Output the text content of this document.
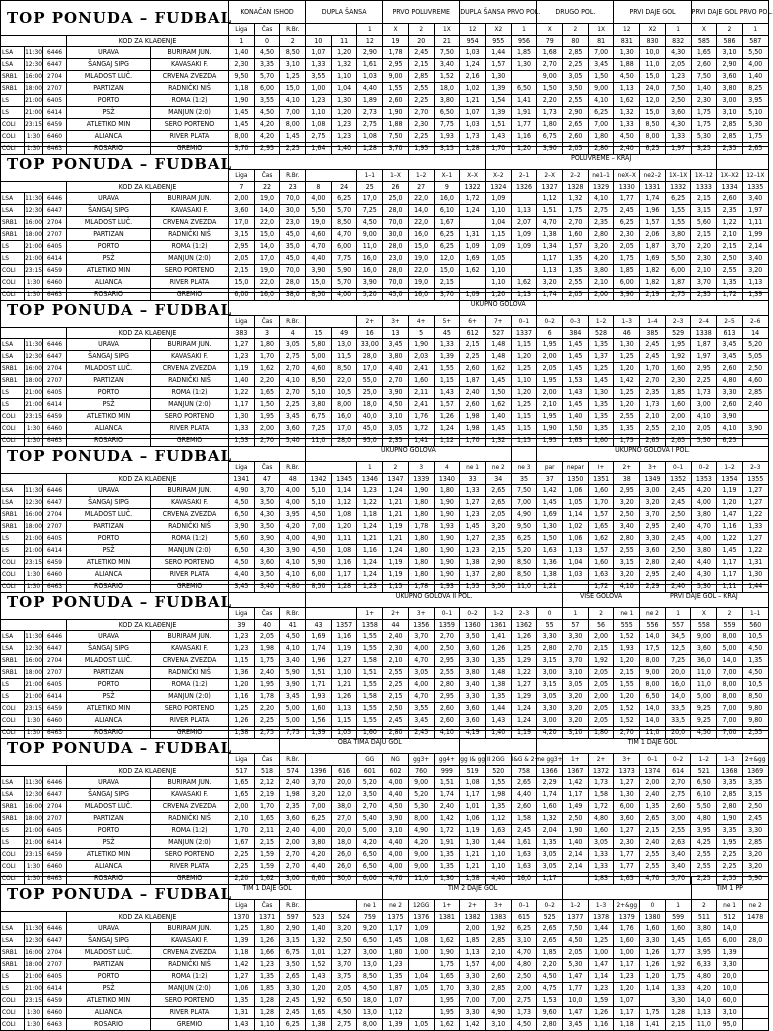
TOP PONUDA – FUDBAL					KONAČAN ISHOD			DUPLA ŠANSA			PRVO POLUVREME			DUPLA ŠANSA PRVO POL.			DRUGO POL.			PRVI DAJE GOL			PRVI DAJE GOL PRVO POL.			
					Liga	Čas	R.Br.			1	X	2	1X	12	X2	1	X	2	1X	12	X2	1	X	2	1					
			KOD ZA KLAĐENJE		1	0	2	10	11	12	19	20	21	954	955	956	79	80	81	831	830	832	585	586	587	
LSA	11:30	6446	URAVA	BURIRAM JUN.	1,40	4,50	8,50	1,07	1,20	2,90	1,78	2,45	7,50	1,03	1,44	1,85	1,68	2,85	7,00	1,30	10,0	4,30	1,65	3,10	5,50	
LSA	12:30	6447	ŠANGAJ SIPG	KAVASAKI F.	2,30	3,35	3,10	1,33	1,32	1,61	2,95	2,15	3,40	1,24	1,57	1,30	2,70	2,25	3,45	1,88	11,0	2,05	2,60	2,90	4,00	
SRB1	16:00	2704	MLADOST LUČ.	CRVENA ZVEZDA	9,50	5,70	1,25	3,55	1,10	1,03	9,00	2,85	1,52	2,16	1,30		9,00	3,05	1,50	4,50	15,0	1,23	7,50	3,60	1,40	
SRB1	18:00	2707	PARTIZAN	RADNIČKI NIŠ	1,18	6,00	15,0	1,00	1,04	4,40	1,55	2,55	18,0	1,02	1,39	6,50	1,50	3,50	9,00	1,13	24,0	7,50	1,40	3,80	8,25	
LS	21:00	6405	PORTO	ROMA (1:2)	1,90	3,55	4,10	1,23	1,30	1,89	2,60	2,25	3,80	1,21	1,54	1,41	2,20	2,55	4,10	1,62	12,0	2,50	2,30	3,00	3,95	
LS	21:00	6414	PSŽ	MANJUN (2:0)	1,45	4,50	7,00	1,10	1,20	2,73	1,90	2,70	6,50	1,07	1,39	1,91	1,73	2,90	6,25	1,32	15,0	3,60	1,75	3,10	5,10	
COLI	23:15	6459	ATLETIKO MIN	SERO PORTENO	1,45	4,20	8,00	1,08	1,23	2,75	1,88	2,30	7,75	1,03	1,51	1,77	1,80	2,65	7,00	1,33	8,50	4,30	1,75	2,85	5,30	
COLI	1:30	6460	ALIANCA	RIVER PLATA	8,00	4,20	1,45	2,75	1,23	1,08	7,50	2,25	1,93	1,73	1,43	1,16	6,75	2,60	1,80	4,50	8,00	1,33	5,30	2,85	1,75	
COLI	1:30	6463	ROSARIO	GREMIO	3,70	2,95	2,25	1,64	1,40	1,28	3,70	1,95	3,15	1,28	1,70	1,20	3,90	2,05	2,80	2,40	6,25	1,97	3,25	2,35	2,65	
TOP PONUDA – FUDBAL															POLUVREME – KRAJ											
					Liga	Čas	R.Br.			1–1	1–X	1–2	X–1	X–X	X–2	2–1	2–X	2–2	ne1–1	neX–X	ne2–2	1X–1X	1X–12	1X–X2	12–1X					
			KOD ZA KLAĐENJE		7	22	23	8	24	25	26	27	9	1322	1324	1326	1327	1328	1329	1330	1331	1332	1333	1334	1335	
LSA	11:30	6446	URAVA	BURIRAM JUN.	2,00	19,0	70,0	4,00	6,25	17,0	25,0	22,0	16,0	1,72	1,09		1,12	1,32	4,10	1,77	1,74	6,25	2,15	2,60	3,40	
LSA	12:30	6447	ŠANGAJ SIPG	KAVASAKI F.	3,60	14,0	30,0	5,50	5,70	7,25	28,0	14,0	6,10	1,24	1,10	1,13	1,51	1,75	2,75	2,45	1,96	1,55	3,15	2,35	1,97	
SRB1	16:00	2704	MLADOST LUČ.	CRVENA ZVEZDA	17,0	22,0	23,0	19,0	8,50	4,50	70,0	22,0	1,67		1,04	2,07	4,70	2,70	2,35	6,25	1,57	1,55	5,60	1,22	1,11	
SRB1	18:00	2707	PARTIZAN	RADNIČKI NIŠ	3,15	15,0	45,0	4,60	4,70	9,00	30,0	16,0	6,25	1,31	1,15	1,09	1,38	1,60	2,80	2,30	2,06	3,80	2,15	2,10	1,99	
LS	21:00	6405	PORTO	ROMA (1:2)	2,95	14,0	35,0	4,70	6,00	11,0	28,0	15,0	6,25	1,09	1,09	1,09	1,34	1,57	3,20	2,05	1,87	3,70	2,20	2,15	2,14	
LS	21:00	6414	PSŽ	MANJUN (2:0)	2,05	17,0	45,0	4,40	7,75	16,0	23,0	19,0	12,0	1,69	1,05		1,17	1,35	4,20	1,75	1,69	5,50	2,30	2,50	3,40	
COLI	23:15	6459	ATLETIKO MIN	SERO PORTENO	2,15	19,0	70,0	3,90	5,90	16,0	28,0	22,0	15,0	1,62	1,10		1,13	1,35	3,80	1,85	1,82	6,00	2,10	2,55	3,20	
COLI	1:30	6460	ALIANCA	RIVER PLATA	15,0	22,0	28,0	15,0	5,70	3,90	70,0	19,0	2,15		1,10	1,62	3,20	2,55	2,10	6,00	1,82	1,87	3,70	1,35	1,13	
COLI	1:30	6463	ROSARIO	GREMIO	6,00	16,0	38,0	8,50	4,00	5,20	45,0	16,0	3,70	1,09	1,20	1,13	1,74	2,05	2,00	3,90	2,19	2,75	2,35	1,72	1,39	
TOP PONUDA – FUDBAL														UKUPNO GOLOVA												
					Liga	Čas	R.Br.			2+	3+	4+	5+	6+	7+	0–1	0–2	0–3	1–2	1–3	1–4	2–3	2–4	2–5	2–6					
			KOD ZA KLAĐENJE		383	3	4	15	49	16	13	5	45	612	527	1337	6	384	528	46	385	529	1338	613	14	
LSA	11:30	6446	URAVA	BURIRAM JUN.	1,27	1,80	3,05	5,80	13,0	33,00	3,45	1,90	1,33	2,15	1,48	1,15	1,95	1,45	1,35	1,30	2,45	1,95	1,87	3,45	5,20	
LSA	12:30	6447	ŠANGAJ SIPG	KAVASAKI F.	1,23	1,70	2,75	5,00	11,5	28,0	3,80	2,03	1,39	2,25	1,48	1,20	2,00	1,45	1,37	1,25	2,45	1,92	1,97	3,45	5,05	
SRB1	16:00	2704	MLADOST LUČ.	CRVENA ZVEZDA	1,19	1,62	2,70	4,60	8,50	17,0	4,40	2,41	1,55	2,60	1,62	1,25	2,05	1,45	1,25	1,20	1,70	1,60	2,95	2,60	2,50	
SRB1	18:00	2707	PARTIZAN	RADNIČKI NIŠ	1,40	2,20	4,10	8,50	22,0	55,0	2,70	1,60	1,15	1,87	1,45	1,10	1,95	1,53	1,45	1,42	2,70	2,30	2,25	4,80	4,60	
LS	21:00	6405	PORTO	ROMA (1:2)	1,22	1,65	2,70	5,10	10,5	25,0	3,90	2,11	1,43	2,40	1,50	1,20	2,00	1,43	1,30	1,25	2,35	1,85	1,73	3,30	2,85	
LS	21:00	6414	PSŽ	MANJUN (2:0)	1,17	1,50	2,25	3,80	8,00	18,0	4,50	2,41	1,57	2,60	1,62	1,25	2,10	1,45	1,35	1,20	1,73	1,60	3,00	2,60	2,40	
COLI	23:15	6459	ATLETIKO MIN	SERO PORTENO	1,30	1,95	3,45	6,75	16,0	40,0	3,10	1,76	1,26	1,98	1,40	1,15	1,95	1,40	1,35	2,55	2,10	2,00	4,10	3,90		
COLI	1:30	6460	ALIANCA	RIVER PLATA	1,33	2,00	3,60	7,25	17,0	45,0	3,05	1,72	1,24	1,98	1,45	1,15	1,90	1,50	1,35	1,35	2,55	2,10	2,05	4,10	3,90	
COLI	1:30	6463	ROSARIO	GREMIO	1,53	2,70	5,40	11,0	28,0	95,0	2,35	1,41	1,12	1,70	1,32	1,15	1,95	1,63	1,60	1,75	2,65	2,65	5,50	6,25		
TOP PONUDA – FUDBAL								UKUPNO GOLOVA									UKUPNO GOLOVA I POL.									
					Liga	Čas	R.Br.			1	2	3	4	ne 1	ne 2	ne 3	par	nepar	I+	2+	3+	0–1	0–2	1–2	2–3					
			KOD ZA KLAĐENJE		1341	47	48	1342	1345	1346	1347	1339	1340	33	34	35	37	1350	1351	38	1349	1352	1353	1354	1355	
LSA	11:30	6446	URAVA	BURIRAM JUN.	4,90	3,70	4,00	5,10	1,14	1,23	1,24	1,90	1,80	1,33	2,65	7,50	1,42	1,06	1,60	2,95	3,00	2,45	4,20	1,19	1,27	
LSA	12:30	6447	ŠANGAJ SIPG	KAVASAKI F.	4,50	3,50	4,00	5,10	1,12	1,22	1,21	1,80	1,90	1,27	2,65	7,00	1,45	1,05	1,70	3,20	3,20	2,45	4,00	1,20	1,27	
SRB1	16:00	2704	MLADOST LUČ.	CRVENA ZVEZDA	6,50	4,30	3,95	4,50	1,08	1,18	1,21	1,80	1,90	1,23	2,05	4,90	1,69	1,14	1,57	2,50	3,70	2,50	3,80	1,47	1,22	
SRB1	18:00	2707	PARTIZAN	RADNIČKI NIŠ	3,90	3,50	4,20	7,00	1,20	1,24	1,19	1,78	1,93	1,45	3,20	9,50	1,30	1,02	1,65	3,40	2,95	2,40	4,70	1,16	1,33	
LS	21:00	6405	PORTO	ROMA (1:2)	5,60	3,90	4,00	4,90	1,11	1,21	1,21	1,80	1,90	1,27	2,35	6,25	1,50	1,06	1,62	2,80	3,30	2,45	4,00	1,22	1,27	
LS	21:00	6414	PSŽ	MANJUN (2:0)	6,50	4,30	3,90	4,50	1,08	1,16	1,24	1,80	1,90	1,23	2,15	5,20	1,63	1,13	1,57	2,55	3,60	2,50	3,80	1,45	1,22	
COLI	23:15	6459	ATLETIKO MIN	SERO PORTENO	4,50	3,60	4,10	5,90	1,16	1,24	1,19	1,80	1,90	1,38	2,90	8,50	1,36	1,04	1,60	3,15	2,80	2,40	4,40	1,17	1,31	
COLI	1:30	6460	ALIANCA	RIVER PLATA	4,40	3,50	4,10	6,00	1,17	1,24	1,19	1,80	1,90	1,37	2,80	8,50	1,38	1,03	1,63	3,20	2,95	2,40	4,30	1,17	1,30	
COLI	1:30	6463	ROSARIO	GREMIO	3,45	3,40	4,80	8,50	1,28	1,23	1,15	1,78	1,93	1,55	3,50	11,0	1,21		1,72	4,10	2,29	2,40	5,30	1,11	1,44	
TOP PONUDA – FUDBAL								UKUPNO GOLOVA II POL.										VIŠE GOLOVA			PRVI DAJE GOL – KRAJ					
					Liga	Čas	R.Br.			1+	2+	3+	0–1	0–2	1–2	2–3	0	1	2	ne 1	ne 2	1	X	2	1–1					
			KOD ZA KLAĐENJE		39	40	41	43	1357	1358	44	1356	1359	1360	1361	1362	55	57	56	555	556	557	558	559	560	
LSA	11:30	6446	URAVA	BURIRAM JUN.	1,23	2,05	4,50	1,69	1,16	1,55	2,40	3,70	2,70	3,50	1,41	1,26	3,30	3,30	2,00	1,52	14,0	34,5	9,00	8,00	10,5	
LSA	12:30	6447	ŠANGAJ SIPG	KAVASAKI F.	1,23	1,98	4,10	1,74	1,19	1,55	2,30	4,00	2,50	3,60	1,26	1,25	2,80	2,70	2,15	1,93	17,5	12,5	3,60	5,00	4,50	
SRB1	16:00	2704	MLADOST LUČ.	CRVENA ZVEZDA	1,15	1,75	3,40	1,96	1,27	1,58	2,10	4,70	2,95	3,30	1,35	1,29	3,15	3,70	1,92	1,20	8,00	7,25	36,0	14,0	1,35	
SRB1	18:00	2707	PARTIZAN	RADNIČKI NIŠ	1,36	2,40	5,90	1,51	1,10	1,51	2,55	3,05	2,55	3,80	1,48	1,22	3,00	3,10	2,05	2,15	9,00	20,0	11,0	7,00	4,50	
LS	21:00	6405	PORTO	ROMA (1:2)	1,20	1,95	3,90	1,71	1,21	1,55	2,25	4,00	2,80	3,40	1,38	1,27	3,15	3,05	2,05	1,55	8,00	16,0	11,0	8,00	10,5	
LS	21:00	6414	PSŽ	MANJUN (2:0)	1,16	1,78	3,45	1,93	1,26	1,58	2,15	4,70	2,95	3,30	1,35	1,29	3,05	3,20	2,00	1,20	6,50	14,0	5,00	8,00	8,50	
COLI	23:15	6459	ATLETIKO MIN	SERO PORTENO	1,25	2,20	5,00	1,60	1,13	1,55	2,50	3,55	2,60	3,60	1,44	1,24	3,30	3,20	2,05	1,52	14,0	33,5	9,25	7,00	9,80	
COLI	1:30	6460	ALIANCA	RIVER PLATA	1,26	2,25	5,00	1,56	1,15	1,55	2,45	3,45	2,60	3,60	1,43	1,24	3,00	3,20	2,05	1,52	14,0	33,5	9,25	7,00	9,80	
COLI	1:30	6463	ROSARIO	GREMIO	1,38	2,75	7,75	1,39	1,05	1,60	2,80	2,45	4,10	4,19	1,40	1,19	4,20	3,10	1,80	2,70	11,0	20,0	4,50	7,00	2,55	
TOP PONUDA – FUDBAL							OBA TIMA DAJU GOL										TIM 1 DAJE GOL									
					Liga	Čas	R.Br.			GG	NG	gg3+	gg4+	gg I& gg II	2GG	I&G & 2+	ne gg3+	1+	2+	3+	0–1	0–2	1–2	1–3	2+&gg					
			KOD ZA KLAĐENJE		517	518	574	1396	616	601	602	760	999	519	520	758	1366	1367	1372	1373	1374	614	521	1368	1369	
LSA	11:30	6446	URAVA	BURIRAM JUN.	1,65	2,12	2,40	3,70	20,0	5,20	4,00	9,00	1,51	1,08	1,55	2,65	2,29	1,42	1,73	1,27	2,00	2,70	6,50	3,35	3,35	
LSA	12:30	6447	ŠANGAJ SIPG	KAVASAKI F.	1,65	2,19	1,98	3,20	12,0	3,50	4,40	5,20	1,74	1,17	1,98	4,40	1,74	1,17	1,58	1,30	2,40	2,75	6,10	2,85	3,15	
SRB1	16:00	2704	MLADOST LUČ.	CRVENA ZVEZDA	2,00	1,70	2,35	7,00	38,0	2,70	4,50	5,30	2,40	1,01	1,35	2,60	1,60	1,49	1,72	6,00	1,35	2,60	5,50	2,80	2,50	
SRB1	18:00	2707	PARTIZAN	RADNIČKI NIŠ	2,10	1,65	3,60	6,25	27,0	5,40	3,90	8,00	1,42	1,06	1,12	1,58	1,32	2,50	4,80	3,60	2,65	3,00	4,80	1,90	2,45	
LS	21:00	6405	PORTO	ROMA (1:2)	1,70	2,11	2,40	4,00	20,0	5,00	3,10	4,90	1,72	1,19	1,63	2,45	2,04	1,90	1,60	1,27	2,15	2,55	3,95	3,35	3,30	
LS	21:00	6414	PSŽ	MANJUN (2:0)	1,67	2,15	2,00	3,80	18,0	4,20	4,40	4,20	1,91	1,30	1,44	1,61	1,35	1,40	3,05	2,30	2,40	2,63	4,25	1,95	2,85	
COLI	23:15	6459	ATLETIKO MIN	SERO PORTENO	2,25	1,59	2,70	4,20	26,0	6,50	4,00	9,00	1,35	1,21	1,10	1,63	3,05	2,14	1,33	1,77	2,55	3,40	2,55	2,25	3,20	
COLI	1:30	6460	ALIANCA	RIVER PLATA	2,25	1,59	2,70	4,40	26,0	6,50	4,00	9,00	1,35	1,21	1,10	1,63	3,05	2,14	1,33	1,77	2,55	3,40	2,55	2,25	3,20	
COLI	1:30	6463	ROSARIO	GREMIO	2,20	1,62	3,00	6,60	30,0	6,00	4,70	11,0	1,30	1,58	4,40	16,0	1,17		1,83	1,65	4,70	5,70	2,25	2,55	5,90	
TOP PONUDA – FUDBAL					TIM 1 DAJE GOL						TIM 2 DAJE GOL												TIM 1 PP			
					Liga	Čas	R.Br.			ne 1	ne 2	12GG	1+	2+	3+	0–1	0–2	1–2	1–3	2+&gg	0	1	2	ne 1	ne 2					
			KOD ZA KLAĐENJE		1370	1371	597	523	524	759	1375	1376	1381	1382	1383	615	525	1377	1378	1379	1380	599	511	512	1478	
LSA	11:30	6446	URAVA	BURIRAM JUN.	1,25	1,80	2,90	1,40	3,20	9,20	1,17	1,09		2,00	1,92	6,25	2,65	7,50	1,44	1,76	1,60	1,60	3,80	14,0		
LSA	12:30	6447	ŠANGAJ SIPG	KAVASAKI F.	1,39	1,26	3,15	1,32	2,50	6,50	1,45	1,08	1,62	1,85	2,85	3,10	2,65	4,50	1,25	1,60	3,30	1,45	1,65	6,00	28,0	
SRB1	16:00	2704	MLADOST LUČ.	CRVENA ZVEZDA	1,18	1,66	6,75	1,01	1,27	3,00	1,80	1,00	1,90	1,13	2,10	4,70	1,85	2,05	1,00	1,00	1,26	1,77	3,95	1,39		
SRB1	18:00	2707	PARTIZAN	RADNIČKI NIŠ	1,42	1,23	3,50	1,52	3,70	13,0	1,23		1,75	1,57	4,00	4,80	2,20	5,30	1,47	1,17	1,26	1,92	6,33	3,30		
LS	21:00	6405	PORTO	ROMA (1:2)	1,27	1,35	2,65	1,43	3,75	8,50	1,35	1,04	1,65	3,30	2,60	2,50	4,50	1,47	1,14	1,23	1,20	1,75	4,80	20,0		
LS	21:00	6414	PSŽ	MANJUN (2:0)	1,06	1,85	3,30	1,20	2,05	4,50	1,87	1,05	1,70	3,30	2,85	2,00	4,75	1,77	1,23	1,20	1,14	1,33	4,20	10,0		
COLI	23:15	6459	ATLETIKO MIN	SERO PORTENO	1,35	1,28	2,45	1,92	6,50	18,0	1,07		1,95	7,00	7,00	2,75	1,53	10,0	1,59	1,07		3,30	14,0	60,0		
COLI	1:30	6460	ALIANCA	RIVER PLATA	1,31	1,28	2,45	1,65	4,50	13,0	1,12		1,95	3,30	4,90	1,73	9,60	1,47	1,26	1,17	1,75	1,28	1,13	3,10		
COLI	1:30	6463	ROSARIO	GREMIO	1,43	1,10	6,25	1,38	2,75	8,00	1,39	1,05	1,62	1,42	3,10	4,50	2,80	3,45	1,16	1,18	1,41	2,15	11,0	95,0		
